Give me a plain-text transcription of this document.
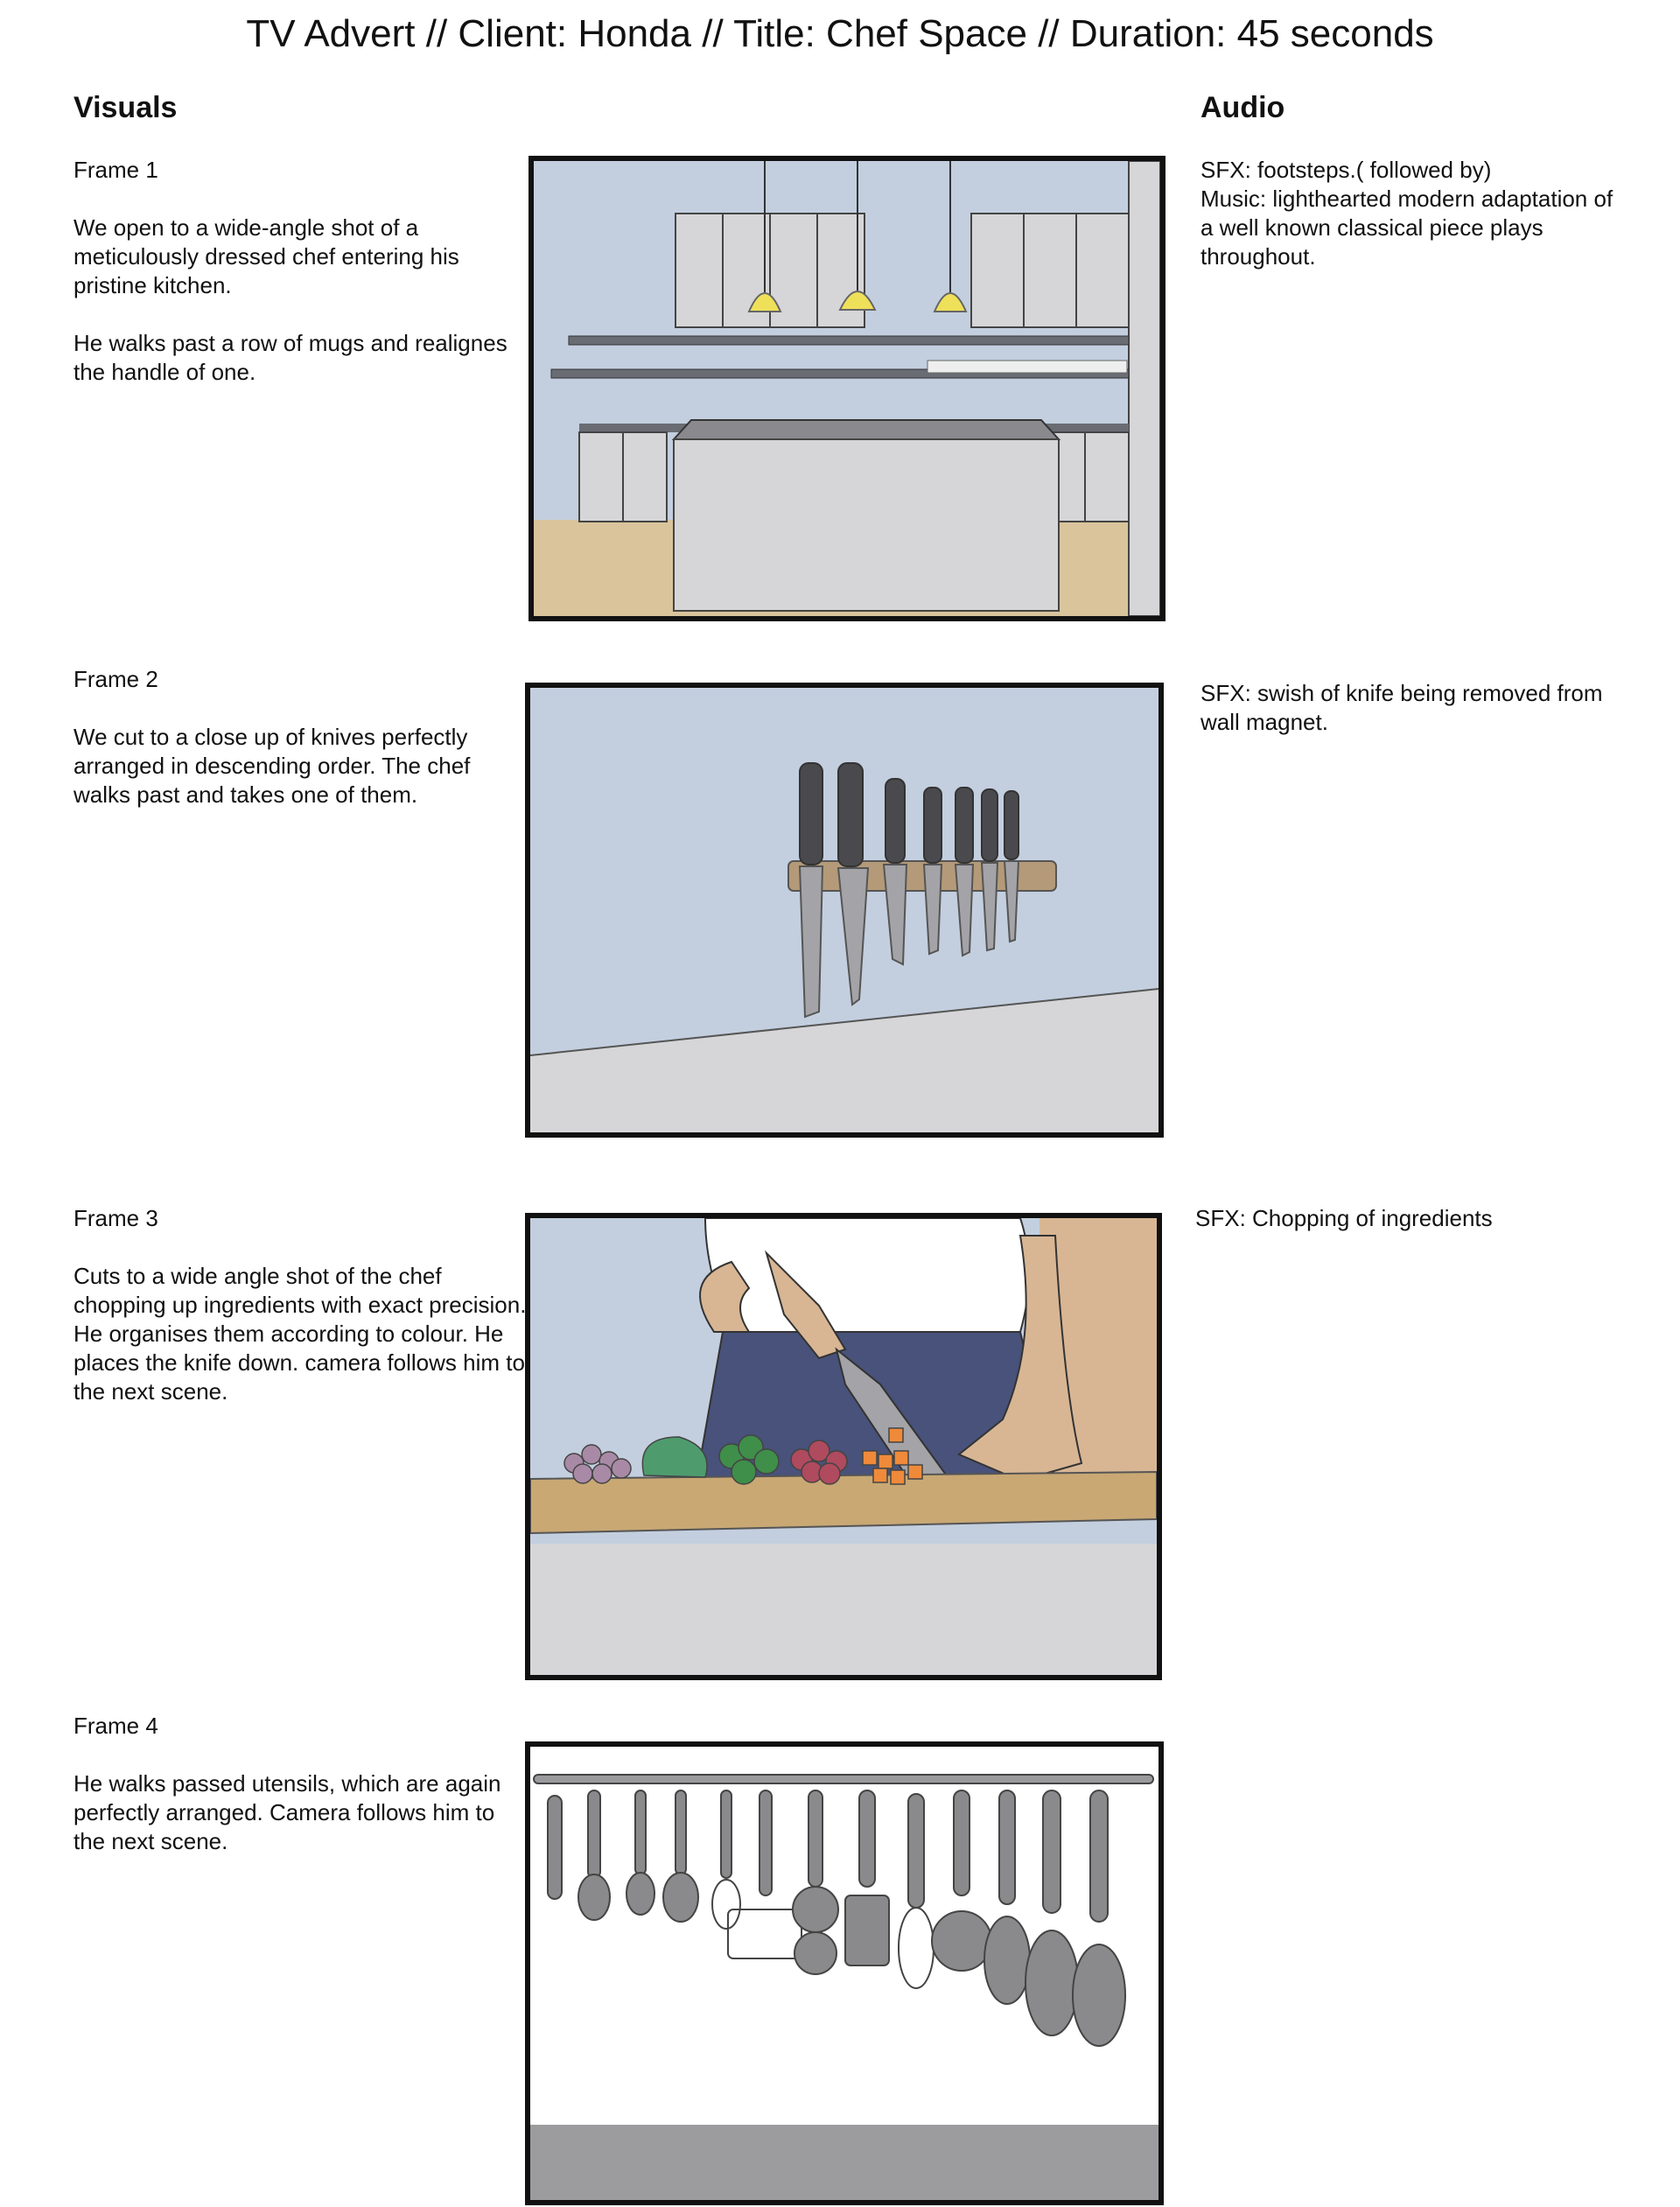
TV Advert // Client: Honda // Title: Chef Space // Duration: 45 seconds
Visuals	Audio
Frame 1

We open to a wide-angle shot of a meticulously dressed chef entering his pristine kitchen.

He walks past a row of mugs and realignes the handle of one.

SFX: footsteps.( followed by)
Music: lighthearted modern adaptation of a well known classical piece plays throughout.
Frame 2

We cut to a close up of knives perfectly arranged in descending order. The chef walks past and takes one of them.

SFX: swish of knife being removed from wall magnet.
Frame 3

Cuts to a wide angle shot of the chef chopping up ingredients with exact precision. He organises them according to colour. He places the knife down. camera follows him to the next scene.

SFX: Chopping of ingredients
Frame 4

He walks passed utensils, which are again perfectly arranged. Camera follows him to the next scene.
